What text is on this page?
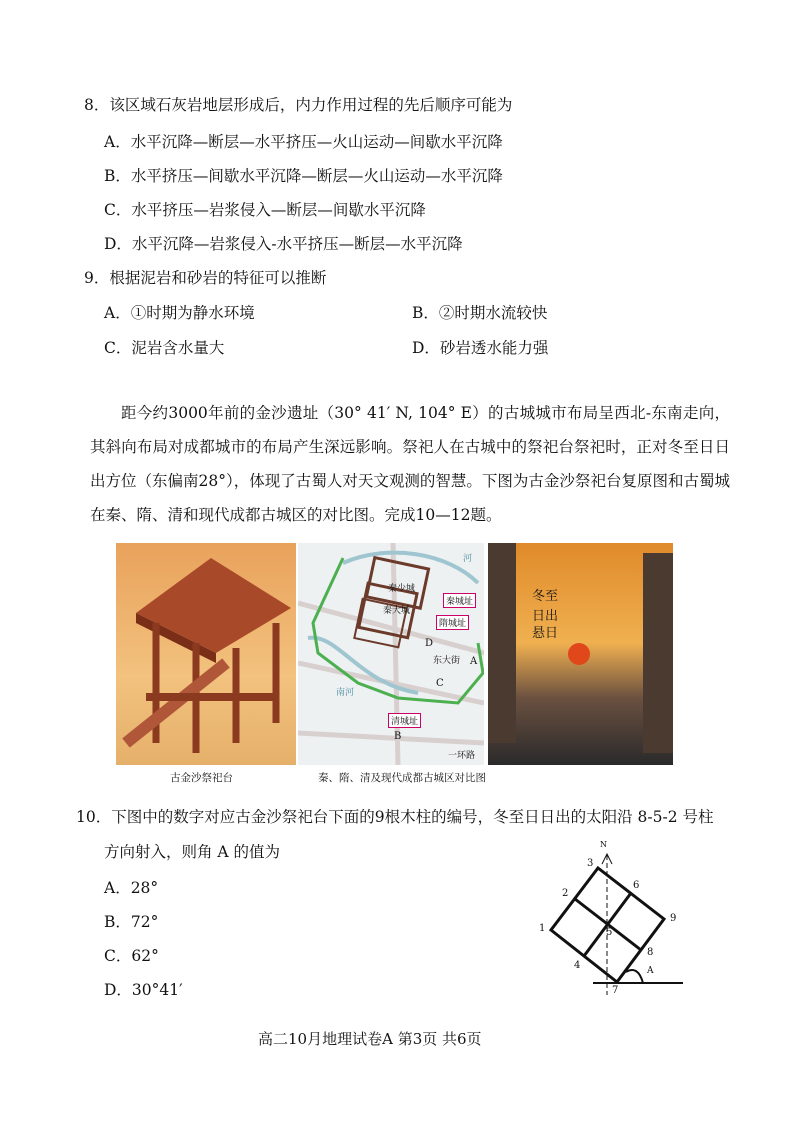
8．该区域石灰岩地层形成后，内力作用过程的先后顺序可能为
A．水平沉降—断层—水平挤压—火山运动—间歇水平沉降
B．水平挤压—间歇水平沉降—断层—火山运动—水平沉降
C．水平挤压—岩浆侵入—断层—间歇水平沉降
D．水平沉降—岩浆侵入-水平挤压—断层—水平沉降
9．根据泥岩和砂岩的特征可以推断
A．①时期为静水环境	B．②时期水流较快
C．泥岩含水量大	D．砂岩透水能力强
距今约3000年前的金沙遗址（30° 41′ N, 104° E）的古城城市布局呈西北-东南走向，其斜向布局对成都城市的布局产生深远影响。祭祀人在古城中的祭祀台祭祀时，正对冬至日日出方位（东偏南28°），体现了古蜀人对天文观测的智慧。下图为古金沙祭祀台复原图和古蜀城在秦、隋、清和现代成都古城区的对比图。完成10—12题。
古金沙祭祀台
秦少城
秦大城
秦城址
隋城址
清城址
东大街
一环路
河
南河
D
A
C
B
秦、隋、清及现代成都古城区对比图
冬至
日出
悬日
10．下图中的数字对应古金沙祭祀台下面的9根木柱的编号，冬至日日出的太阳沿 8-5-2 号柱
方向射入，则角 A 的值为
A．28°
B．72°
C．62°
D．30°41′
N
1
2
3
4
5
6
7
8
9
A
高二10月地理试卷A 第3页 共6页
